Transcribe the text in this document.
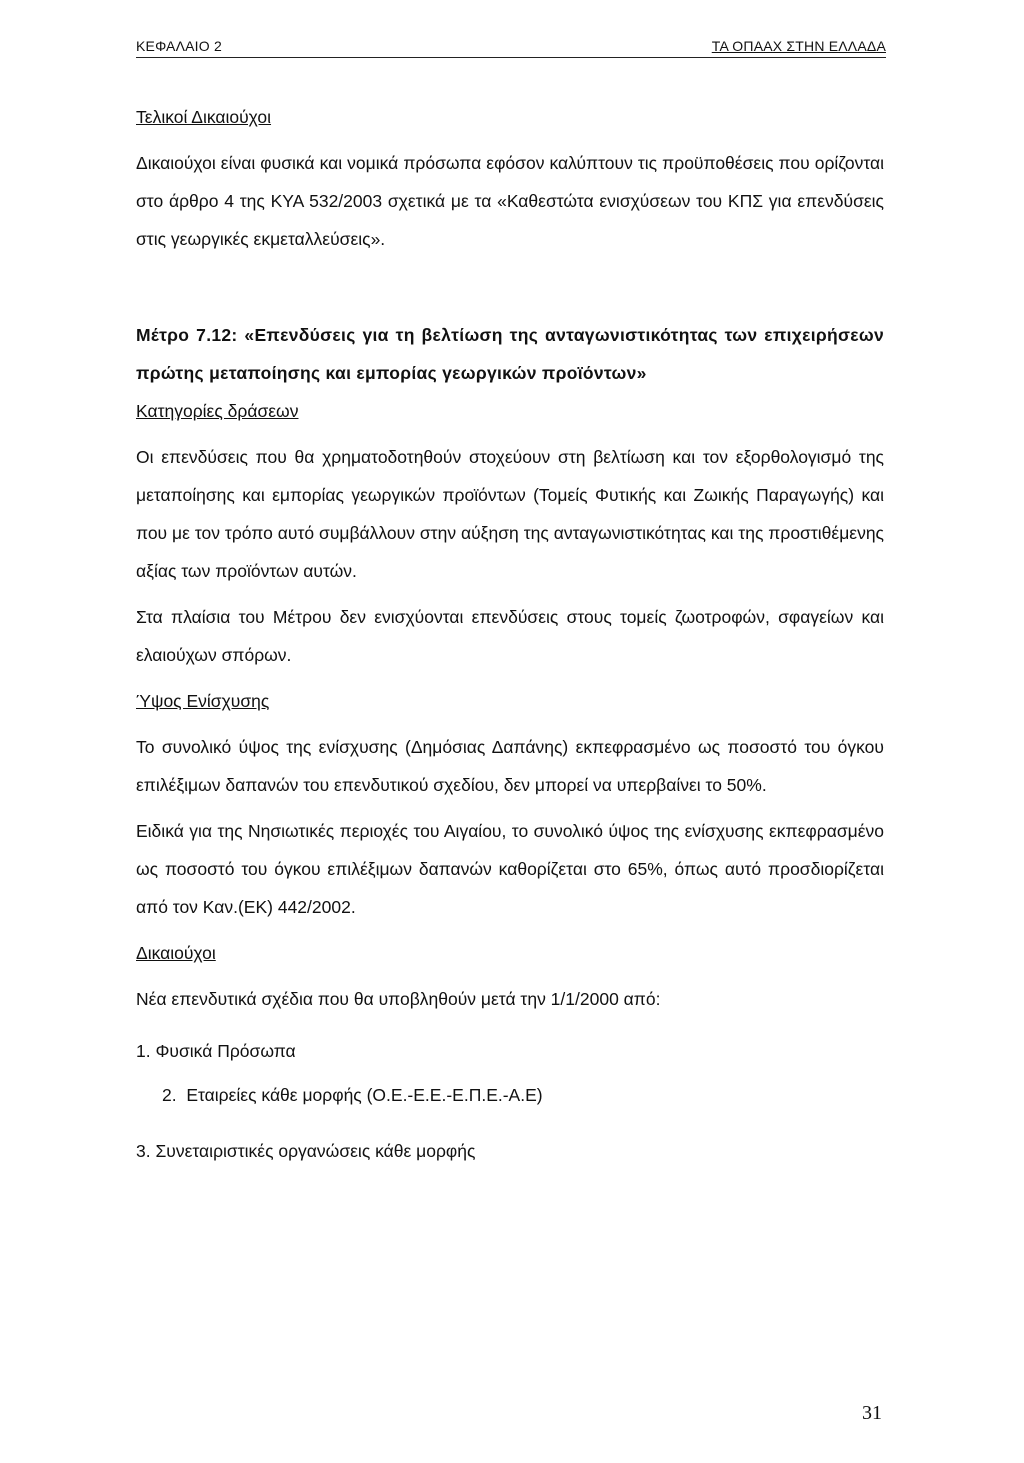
ΚΕΦΑΛΑΙΟ 2	ΤΑ ΟΠΑΑΧ ΣΤΗΝ ΕΛΛΑΔΑ

Τελικοί Δικαιούχοι

Δικαιούχοι είναι φυσικά και νομικά πρόσωπα εφόσον καλύπτουν τις προϋποθέσεις που ορίζονται στο άρθρο 4 της ΚΥΑ 532/2003 σχετικά με τα «Καθεστώτα ενισχύσεων του ΚΠΣ για επενδύσεις στις γεωργικές εκμεταλλεύσεις».

Μέτρο 7.12: «Επενδύσεις για τη βελτίωση της ανταγωνιστικότητας των επιχειρήσεων πρώτης μεταποίησης και εμπορίας γεωργικών προϊόντων»

Κατηγορίες δράσεων

Οι επενδύσεις που θα χρηματοδοτηθούν στοχεύουν στη βελτίωση και τον εξορθολογισμό της μεταποίησης και εμπορίας γεωργικών προϊόντων (Τομείς Φυτικής και Ζωικής Παραγωγής) και που με τον τρόπο αυτό συμβάλλουν στην αύξηση της ανταγωνιστικότητας και της προστιθέμενης αξίας των προϊόντων αυτών.

Στα πλαίσια του Μέτρου δεν ενισχύονται επενδύσεις στους τομείς ζωοτροφών, σφαγείων και ελαιούχων σπόρων.

Ύψος Ενίσχυσης

Το συνολικό ύψος της ενίσχυσης (Δημόσιας Δαπάνης) εκπεφρασμένο ως ποσοστό του όγκου επιλέξιμων δαπανών του επενδυτικού σχεδίου, δεν μπορεί να υπερβαίνει το 50%.

Ειδικά για της Νησιωτικές περιοχές του Αιγαίου, το συνολικό ύψος της ενίσχυσης εκπεφρασμένο ως ποσοστό του όγκου επιλέξιμων δαπανών καθορίζεται στο 65%, όπως αυτό προσδιορίζεται από τον Καν.(ΕΚ) 442/2002.

Δικαιούχοι

Νέα επενδυτικά σχέδια που θα υποβληθούν μετά την 1/1/2000 από:

1. Φυσικά Πρόσωπα

2.  Εταιρείες κάθε μορφής (Ο.Ε.-Ε.Ε.-Ε.Π.Ε.-Α.Ε)

3. Συνεταιριστικές οργανώσεις κάθε μορφής

31
